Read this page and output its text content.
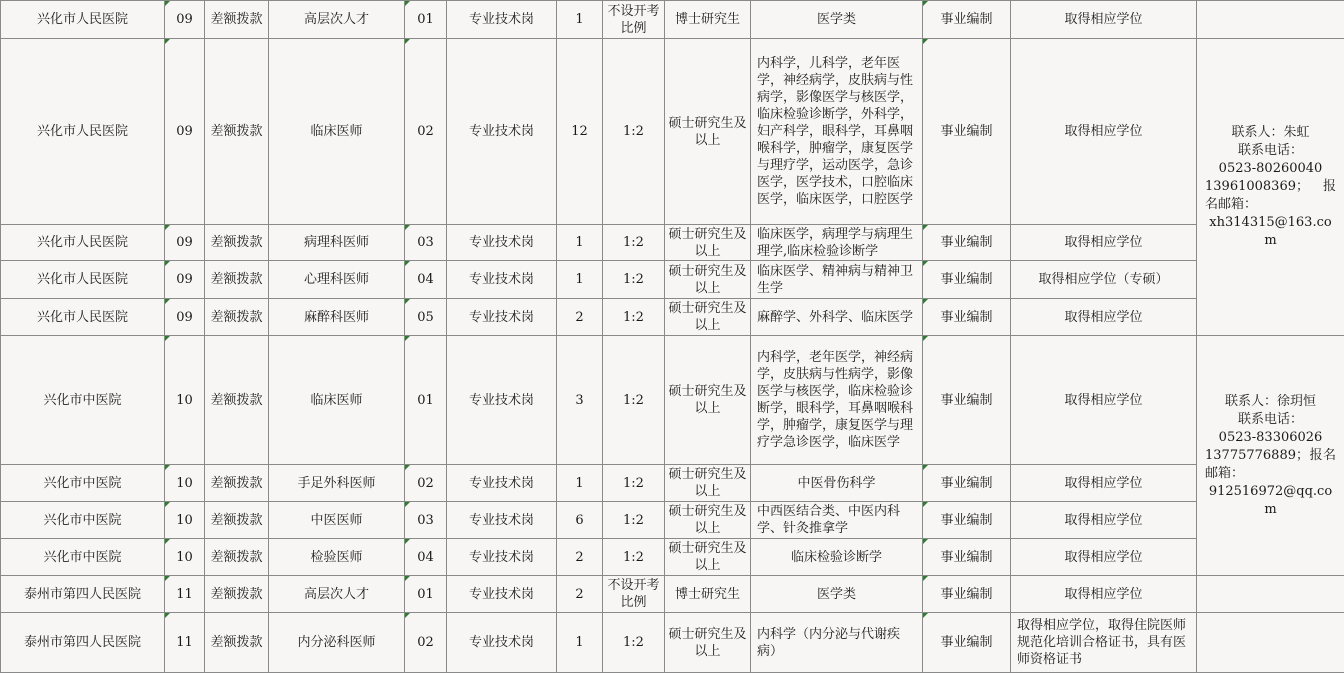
兴化市人民医院	09	差额拨款	高层次人才	01	专业技术岗	1	不设开考比例	博士研究生	医学类	事业编制	取得相应学位	
兴化市人民医院	09	差额拨款	临床医师	02	专业技术岗	12	1:2	硕士研究生及以上	内科学，儿科学，老年医学，神经病学，皮肤病与性病学，影像医学与核医学，临床检验诊断学，外科学，妇产科学，眼科学，耳鼻咽喉科学，肿瘤学，康复医学与理疗学，运动医学，急诊医学，医学技术，口腔临床医学，临床医学，口腔医学	事业编制	取得相应学位	联系人：朱虹
联系电话：
0523-80260040
13961008369； 报名邮箱：
xh314315@163.com

兴化市人民医院	09	差额拨款	病理科医师	03	专业技术岗	1	1:2	硕士研究生及以上	临床医学，病理学与病理生理学,临床检验诊断学	事业编制	取得相应学位	
兴化市人民医院	09	差额拨款	心理科医师	04	专业技术岗	1	1:2	硕士研究生及以上	临床医学、精神病与精神卫生学	事业编制	取得相应学位（专硕）	
兴化市人民医院	09	差额拨款	麻醉科医师	05	专业技术岗	2	1:2	硕士研究生及以上	麻醉学、外科学、临床医学	事业编制	取得相应学位	
兴化市中医院	10	差额拨款	临床医师	01	专业技术岗	3	1:2	硕士研究生及以上	内科学，老年医学，神经病学，皮肤病与性病学，影像医学与核医学，临床检验诊断学，眼科学，耳鼻咽喉科学，肿瘤学，康复医学与理疗学急诊医学，临床医学	事业编制	取得相应学位	联系人：徐玥恒
联系电话：
0523-83306026
13775776889；报名邮箱：
912516972@qq.com

兴化市中医院	10	差额拨款	手足外科医师	02	专业技术岗	1	1:2	硕士研究生及以上	中医骨伤科学	事业编制	取得相应学位	
兴化市中医院	10	差额拨款	中医医师	03	专业技术岗	6	1:2	硕士研究生及以上	中西医结合类、中医内科学、针灸推拿学	事业编制	取得相应学位	
兴化市中医院	10	差额拨款	检验医师	04	专业技术岗	2	1:2	硕士研究生及以上	临床检验诊断学	事业编制	取得相应学位	
泰州市第四人民医院	11	差额拨款	高层次人才	01	专业技术岗	2	不设开考比例	博士研究生	医学类	事业编制	取得相应学位	
泰州市第四人民医院	11	差额拨款	内分泌科医师	02	专业技术岗	1	1:2	硕士研究生及以上	内科学（内分泌与代谢疾病）	事业编制	取得相应学位，取得住院医师规范化培训合格证书，具有医师资格证书	
